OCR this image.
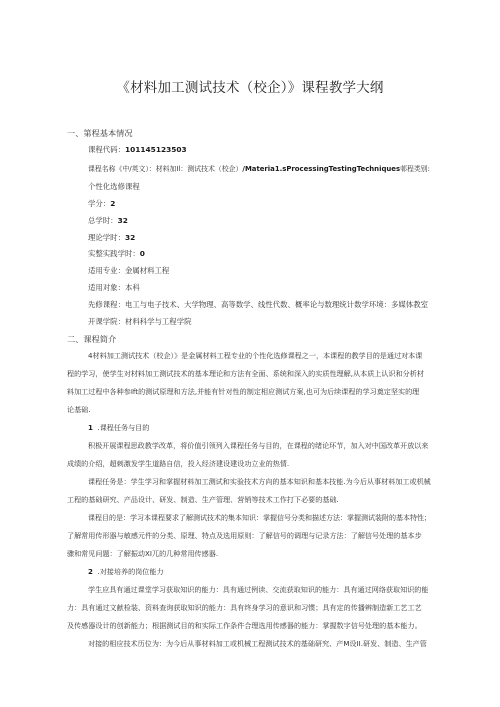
《材料加工测试技术（校企）》课程教学大纲
一、第程基本情况
课程代码：101145123503
课程名称《中/英文）：材料加Il：测试技术（校企）/Materia1.sProcessingTestingTechniques邨程类别:
个性化选修课程
学分：2
总学时：32
理论学时：32
实整实践学时：0
适用专业：金属材料工程
适用对象：本科
先修课程：电工与电子技术、大学物理、高等数学、线性代数、概率论与数理统计数学环境：多媒体教室
开课学院：材料科学与工程学院
二、课程简介
4材料加工测试技术（校企）》是金属材料工程专业的个性化选修课程之一，本课程的教学目的是通过对本课
程的学习，使学生对材料加工测试技术的基本理论和方法有全面、系统和深入的实质性理解,从本质上认识和分析材
料加工过程中各种参Ift的测试原理和方法,并能有针对性的制定相应测试方案,也可为后续课程的学习奠定坚实的理
论基础.
1 .课程任务与目的
积极开展课程思政教学改革，将价值引领列入课程任务与目的，在课程的绪论环节，加入对中国改革开放以来
成绩的介绍，超刺激发学生道路自信，投入经济建设建设功立业的热情.
课程任务是：学生学习和掌握材料加工测试和实验技术方向的基本知识和基本技能.为今后从事材料加工或机械
工程的基础研究、产品设计、研发、制造、生产管理、营销等技术工作打下必要的基础.
课程目的是：学习本课程要求了解测试技术的集本知识：掌握信号分类和描述方法：掌握测试装附的基本特性；
了解常用传形器与敏感元件的分类、原理、特点及选用原则：了解信号的调理与记录方法：了解信号处理的基本步
骤和常见问题：了解振动XI兀的几种常用传感器.
2 .对接培养的岗位能力
学生应具有通过课堂学习获取知识的能力：具有通过例读、交流获取知识的能力：具有通过网络获取知识的能
力：具有通过文献检装、资料查询获取知识的能力：具有终身学习的意识和习惯；具有定的传播辨制造新工艺工艺
及传感器设计的创新能力；根据测试目的和实际工作条件合理选用传感器的能力：掌握数字信号处理的基本能力。
对接的相应技术历位为：为今后从事材料加工或机械工程测试技术的基础研究、产M设II.研发、制造、生产管
